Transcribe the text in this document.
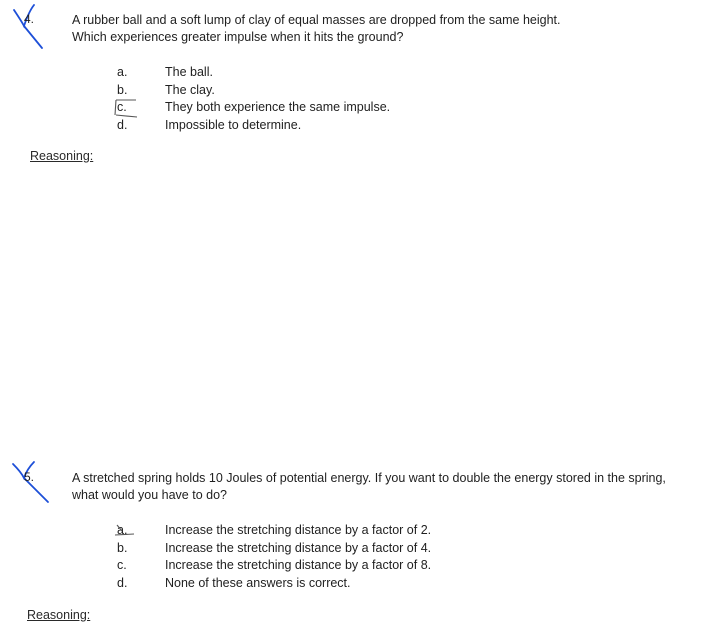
4.	A rubber ball and a soft lump of clay of equal masses are dropped from the same height.
Which experiences greater impulse when it hits the ground?
a.	The ball.
b.	The clay.
c.	They both experience the same impulse.
d.	Impossible to determine.
Reasoning:
5.	A stretched spring holds 10 Joules of potential energy. If you want to double the energy stored in the spring,
what would you have to do?
a.	Increase the stretching distance by a factor of 2.
b.	Increase the stretching distance by a factor of 4.
c.	Increase the stretching distance by a factor of 8.
d.	None of these answers is correct.
Reasoning:
